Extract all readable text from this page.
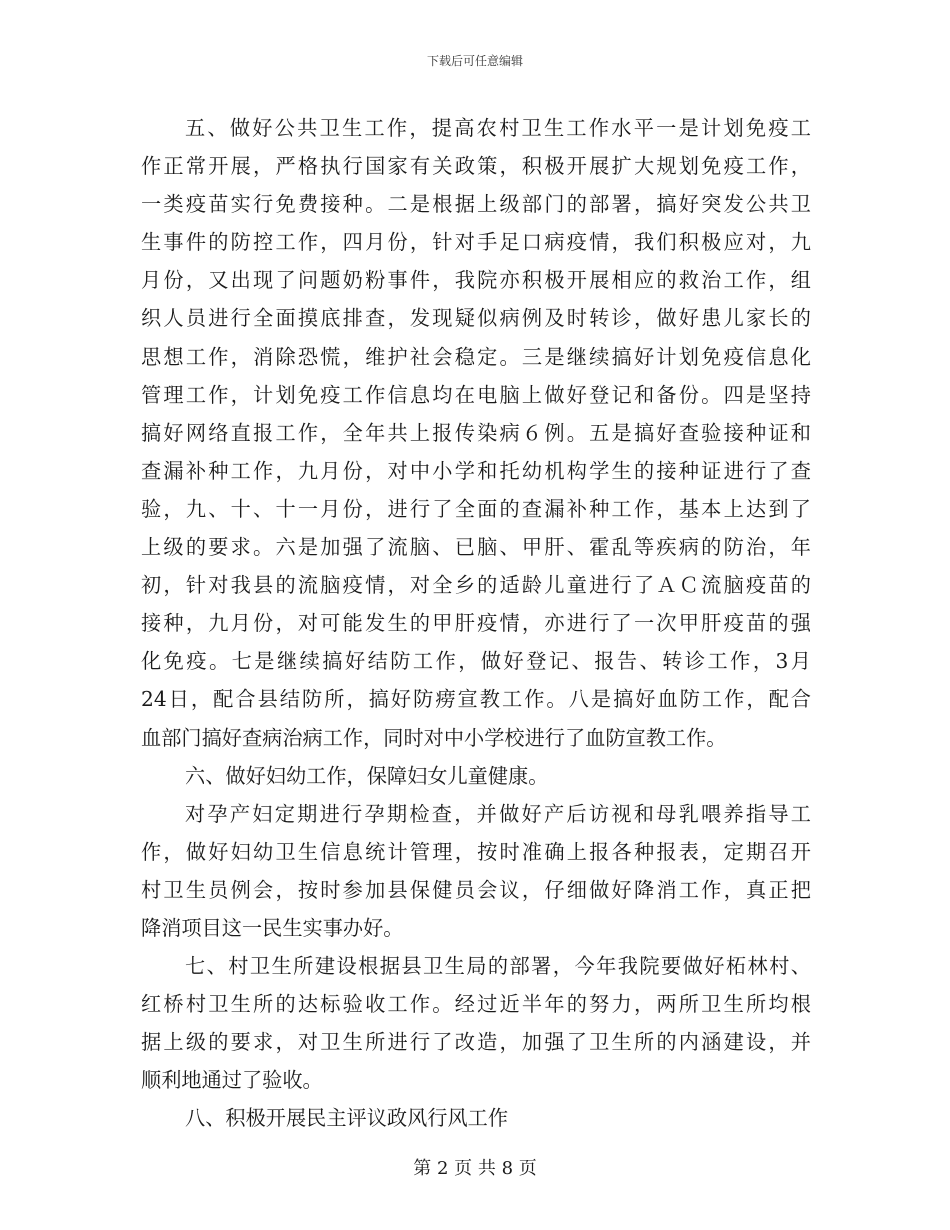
下载后可任意编辑
五、做好公共卫生工作，提高农村卫生工作水平一是计划免疫工
作正常开展，严格执行国家有关政策，积极开展扩大规划免疫工作，
一类疫苗实行免费接种。二是根据上级部门的部署，搞好突发公共卫
生事件的防控工作，四月份，针对手足口病疫情，我们积极应对，九
月份，又出现了问题奶粉事件，我院亦积极开展相应的救治工作，组
织人员进行全面摸底排查，发现疑似病例及时转诊，做好患儿家长的
思想工作，消除恐慌，维护社会稳定。三是继续搞好计划免疫信息化
管理工作，计划免疫工作信息均在电脑上做好登记和备份。四是坚持
搞好网络直报工作，全年共上报传染病６例。五是搞好查验接种证和
查漏补种工作，九月份，对中小学和托幼机构学生的接种证进行了查
验，九、十、十一月份，进行了全面的查漏补种工作，基本上达到了
上级的要求。六是加强了流脑、已脑、甲肝、霍乱等疾病的防治，年
初，针对我县的流脑疫情，对全乡的适龄儿童进行了ＡＣ流脑疫苗的
接种，九月份，对可能发生的甲肝疫情，亦进行了一次甲肝疫苗的强
化免疫。七是继续搞好结防工作，做好登记、报告、转诊工作，3月
24日，配合县结防所，搞好防痨宣教工作。八是搞好血防工作，配合
血部门搞好查病治病工作，同时对中小学校进行了血防宣教工作。
六、做好妇幼工作，保障妇女儿童健康。
对孕产妇定期进行孕期检查，并做好产后访视和母乳喂养指导工
作，做好妇幼卫生信息统计管理，按时准确上报各种报表，定期召开
村卫生员例会，按时参加县保健员会议，仔细做好降消工作，真正把
降消项目这一民生实事办好。
七、村卫生所建设根据县卫生局的部署，今年我院要做好柘林村、
红桥村卫生所的达标验收工作。经过近半年的努力，两所卫生所均根
据上级的要求，对卫生所进行了改造，加强了卫生所的内涵建设，并
顺利地通过了验收。
八、积极开展民主评议政风行风工作
第 2 页 共 8 页
